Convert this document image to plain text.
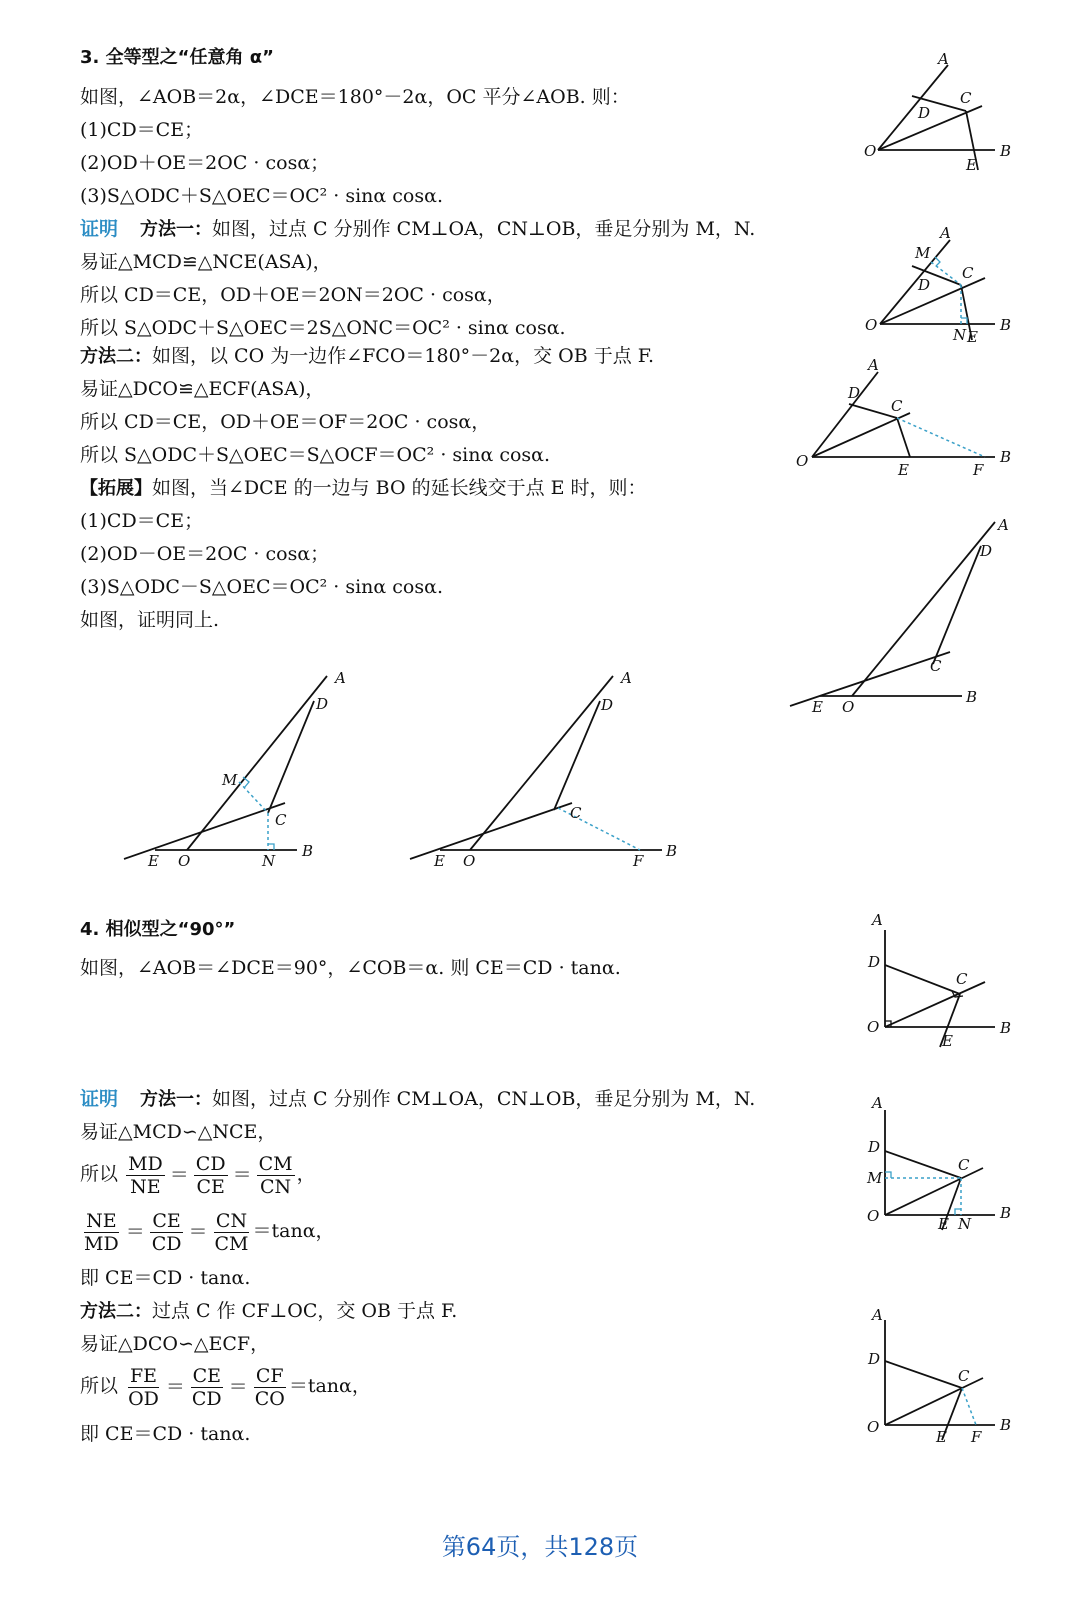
3. 全等型之“任意角 α”
如图，∠AOB＝2α，∠DCE＝180°－2α，OC 平分∠AOB. 则：
(1)CD＝CE；
(2)OD＋OE＝2OC · cosα；
(3)S△ODC＋S△OEC＝OC² · sinα cosα.
证明 方法一：如图，过点 C 分别作 CM⊥OA，CN⊥OB，垂足分别为 M，N.
易证△MCD≌△NCE(ASA)，
所以 CD＝CE，OD＋OE＝2ON＝2OC · cosα，
所以 S△ODC＋S△OEC＝2S△ONC＝OC² · sinα cosα.
方法二：如图，以 CO 为一边作∠FCO＝180°－2α，交 OB 于点 F.
易证△DCO≌△ECF(ASA)，
所以 CD＝CE，OD＋OE＝OF＝2OC · cosα，
所以 S△ODC＋S△OEC＝S△OCF＝OC² · sinα cosα.
【拓展】如图，当∠DCE 的一边与 BO 的延长线交于点 E 时，则：
(1)CD＝CE；
(2)OD－OE＝2OC · cosα；
(3)S△ODC－S△OEC＝OC² · sinα cosα.
如图，证明同上.
4. 相似型之“90°”
如图，∠AOB＝∠DCE＝90°，∠COB＝α. 则 CE＝CD · tanα.
证明 方法一：如图，过点 C 分别作 CM⊥OA，CN⊥OB，垂足分别为 M，N.
易证△MCD∽△NCE，
所以 $\frac{MD}{NE} = \frac{CD}{CE} = \frac{CM}{CN}$ ，
$\frac{NE}{MD} = \frac{CE}{CD} = \frac{CN}{CM} =\tan\alpha$，
即 CE＝CD · tanα.
方法二：过点 C 作 CF⊥OC，交 OB 于点 F.
易证△DCO∽△ECF，
所以 $\frac{FE}{OD} = \frac{CE}{CD} = \frac{CF}{CO} =\tan\alpha$，
即 CE＝CD · tanα.
A
D
C
O	B
E
A
M
D
C
O	B
N E
A
D
C
O	B
E	F
A
D
C
B
E O
A
D
M
C
B
E O	N
A
D
C
B
E O	F
A
D
C
O	B
E
A
D
M
C
O	B
E N
A
D
C
O	B
E F
第64页，共128页
